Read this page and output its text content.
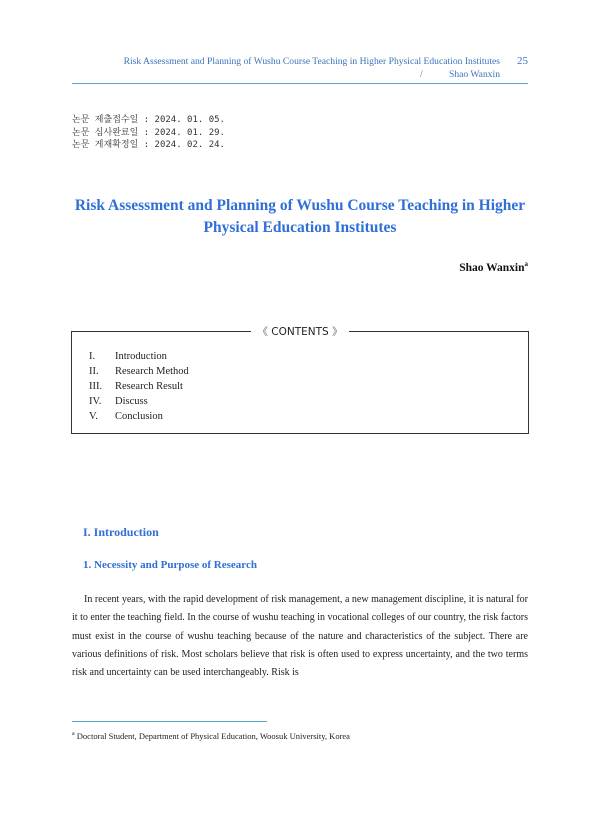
Risk Assessment and Planning of Wushu Course Teaching in Higher Physical Education Institutes
/           Shao Wanxin
25
논문 제출접수일 : 2024. 01. 05.
논문 심사완료일 : 2024. 01. 29.
논문 게재확정일 : 2024. 02. 24.
Risk Assessment and Planning of Wushu Course Teaching in Higher
Physical Education Institutes
Shao Wanxin$^a$
《 CONTENTS 》
I.	Introduction
II.	Research Method
III.	Research Result
IV.	Discuss
V.	Conclusion
I. Introduction
1. Necessity and Purpose of Research

In recent years, with the rapid development of risk management, a new management discipline, it is natural for it to enter the teaching field. In the course of wushu teaching in vocational colleges of our country, the risk factors must exist in the course of wushu teaching because of the nature and characteristics of the subject. There are various definitions of risk. Most scholars believe that risk is often used to express uncertainty, and the two terms risk and uncertainty can be used interchangeably. Risk is

$^a$ Doctoral Student, Department of Physical Education, Woosuk University, Korea
